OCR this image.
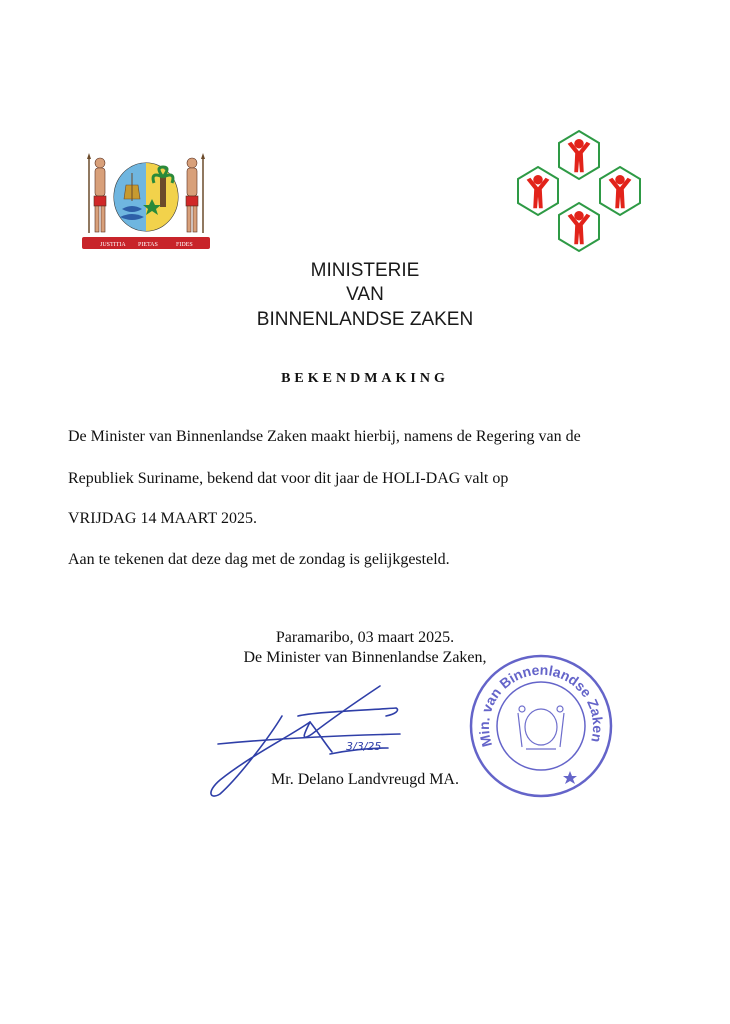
JUSTITIA PIETAS	FIDES
MINISTERIE
VAN
BINNENLANDSE ZAKEN
BEKENDMAKING
De Minister van Binnenlandse Zaken maakt hierbij, namens de Regering van de
Republiek Suriname, bekend dat voor dit jaar de HOLI-DAG valt op
VRIJDAG 14 MAART 2025.
Aan te tekenen dat deze dag met de zondag is gelijkgesteld.
Paramaribo, 03 maart 2025.
De Minister van Binnenlandse Zaken,
3/3/25
Mr. Delano Landvreugd MA.
Min. van Binnenlandse Zaken
